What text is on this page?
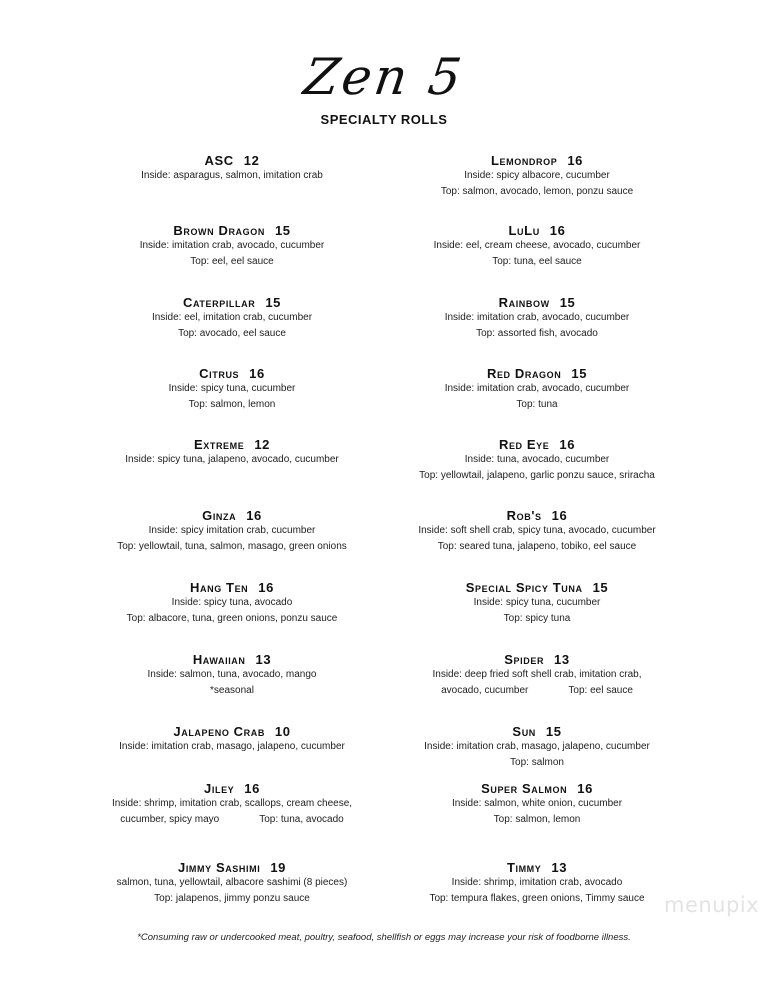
Zen 5
SPECIALTY ROLLS
ASC 12
Inside: asparagus, salmon, imitation crab
Brown Dragon 15
Inside: imitation crab, avocado, cucumber
Top: eel, eel sauce
Caterpillar 15
Inside: eel, imitation crab, cucumber
Top: avocado, eel sauce
Citrus 16
Inside: spicy tuna, cucumber
Top: salmon, lemon
Extreme 12
Inside: spicy tuna, jalapeno, avocado, cucumber
Ginza 16
Inside: spicy imitation crab, cucumber
Top: yellowtail, tuna, salmon, masago, green onions
Hang Ten 16
Inside: spicy tuna, avocado
Top: albacore, tuna, green onions, ponzu sauce
Hawaiian 13
Inside: salmon, tuna, avocado, mango
*seasonal
Jalapeno Crab 10
Inside: imitation crab, masago, jalapeno, cucumber
Jiley 16
Inside: shrimp, imitation crab, scallops, cream cheese,
cucumber, spicy mayo	Top: tuna, avocado
Jimmy Sashimi 19
salmon, tuna, yellowtail, albacore sashimi (8 pieces)
Top: jalapenos, jimmy ponzu sauce
Lemondrop 16
Inside: spicy albacore, cucumber
Top: salmon, avocado, lemon, ponzu sauce
LuLu 16
Inside: eel, cream cheese, avocado, cucumber
Top: tuna, eel sauce
Rainbow 15
Inside: imitation crab, avocado, cucumber
Top: assorted fish, avocado
Red Dragon 15
Inside: imitation crab, avocado, cucumber
Top: tuna
Red Eye 16
Inside: tuna, avocado, cucumber
Top: yellowtail, jalapeno, garlic ponzu sauce, sriracha
Rob's 16
Inside: soft shell crab, spicy tuna, avocado, cucumber
Top: seared tuna, jalapeno, tobiko, eel sauce
Special Spicy Tuna 15
Inside: spicy tuna, cucumber
Top: spicy tuna
Spider 13
Inside: deep fried soft shell crab, imitation crab,
avocado, cucumber	Top: eel sauce
Sun 15
Inside: imitation crab, masago, jalapeno, cucumber
Top: salmon
Super Salmon 16
Inside: salmon, white onion, cucumber
Top: salmon, lemon
Timmy 13
Inside: shrimp, imitation crab, avocado
Top: tempura flakes, green onions, Timmy sauce
*Consuming raw or undercooked meat, poultry, seafood, shellfish or eggs may increase your risk of foodborne illness.
menupix
